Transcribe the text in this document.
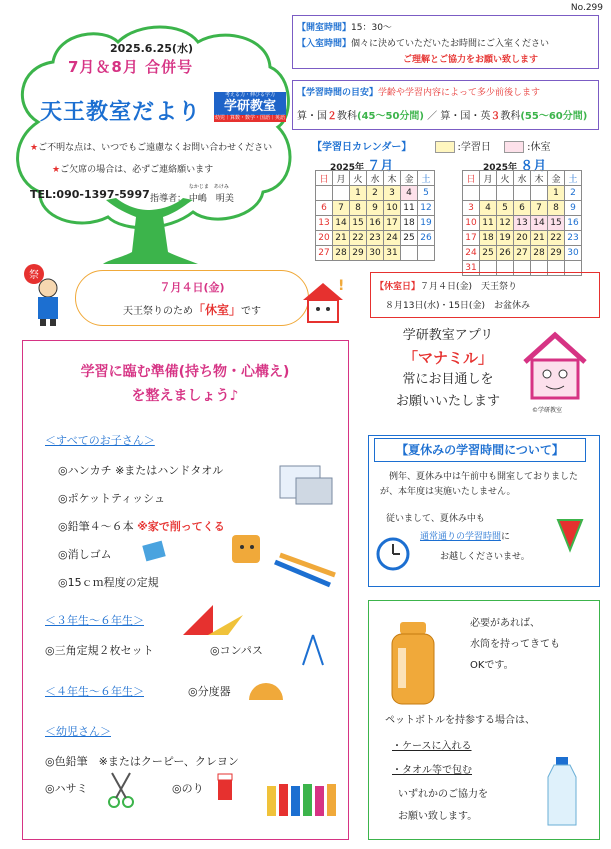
No.299
2025.6.25(水)
7月＆8月 合併号
天王教室だより
考える力・伸びる学力
学研教室
幼児｜算数・数学・国語｜英語
★ご不明な点は、いつでもご遠慮なくお問い合わせください
★ご欠席の場合は、必ずご連絡願います
TEL:090-1397-5997 指導者：
なかじま　あけみ
中嶋　明美
【開室時間】15：30～
【入室時間】個々に決めていただいたお時間にご入室ください
ご理解とご協力をお願い致します
【学習時間の目安】学齢や学習内容によって多少前後します
算・国２教科(45～50分間) ／ 算・国・英３教科(55～60分間)
【学習日カレンダー】	:学習日	:休室
2025年 ７月
日	月	火	水	木	金	土
		1	2	3	4	5
6	7	8	9	10	11	12
13	14	15	16	17	18	19
20	21	22	23	24	25	26
27	28	29	30	31		
2025年 ８月
日	月	火	水	木	金	土
					1	2
3	4	5	6	7	8	9
10	11	12	13	14	15	16
17	18	19	20	21	22	23
24	25	26	27	28	29	30
31						
祭
７月４日(金)
天王祭りのため「休室」です
!	【休室日】７月４日(金)　天王祭り
８月13日(水)・15日(金)　お盆休み
学研教室アプリ
「マナミル」
常にお目通しを
お願いいたします
©学研教室
学習に臨む準備(持ち物・心構え)
を整えましょう♪
＜すべてのお子さん＞
◎ハンカチ ※またはハンドタオル
◎ポケットティッシュ
◎鉛筆４～６本 ※家で削ってくる
◎消しゴム
◎15ｃｍ程度の定規
＜３年生～６年生＞
◎三角定規２枚セット	◎コンパス
＜４年生～６年生＞	◎分度器
＜幼児さん＞
◎色鉛筆　※またはクーピー、クレヨン
◎ハサミ	◎のり
【夏休みの学習時間について】
例年、夏休み中は午前中も開室しておりましたが、本年度は実施いたしません。
従いまして、夏休み中も
通常通りの学習時間に
お越しくださいませ。
必要があれば、
水筒を持ってきても
OKです。
ペットボトルを持参する場合は、
・ケースに入れる
・タオル等で包む
いずれかのご協力を
お願い致します。
